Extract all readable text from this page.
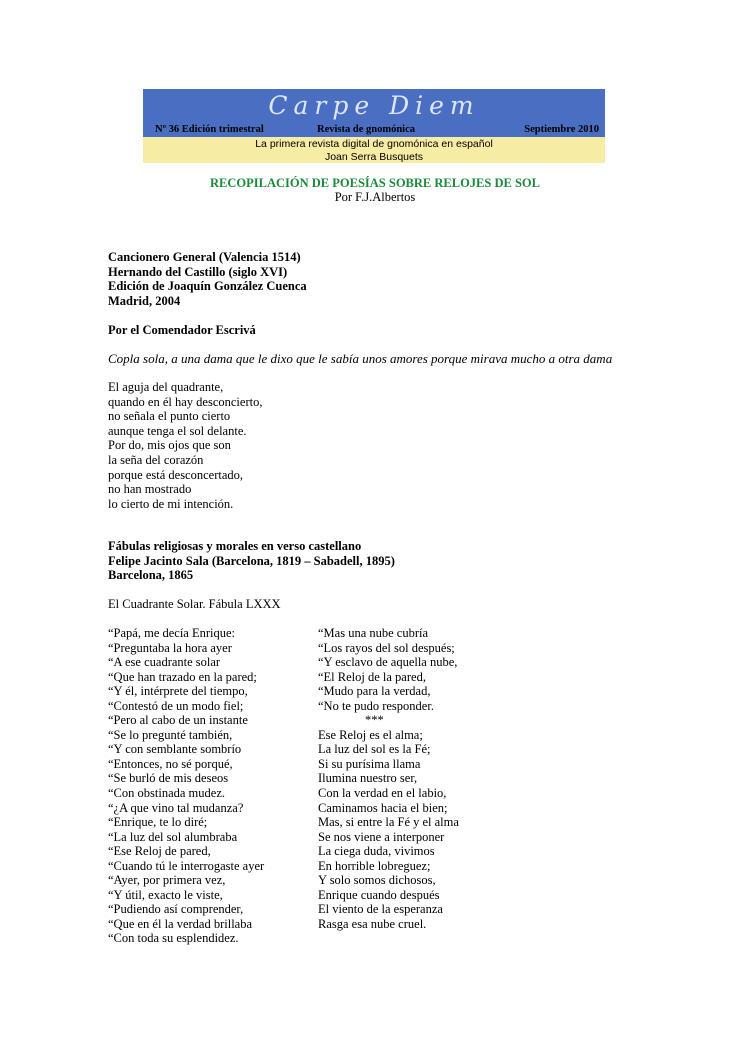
Carpe Diem
Nº 36 Edición trimestral	Revista de gnomónica	Septiembre 2010
La primera revista digital de gnomónica en español
Joan Serra Busquets
RECOPILACIÓN DE POESÍAS SOBRE RELOJES DE SOL
Por F.J.Albertos
Cancionero General (Valencia 1514)
Hernando del Castillo (siglo XVI)
Edición de Joaquín González Cuenca
Madrid, 2004
Por el Comendador Escrivá
Copla sola, a una dama que le dixo que le sabía unos amores porque mirava mucho a otra dama
El aguja del quadrante,
quando en él hay desconcierto,
no señala el punto cierto
aunque tenga el sol delante.
Por do, mis ojos que son
la seña del corazón
porque está desconcertado,
no han mostrado
lo cierto de mi intención.
Fábulas religiosas y morales en verso castellano
Felipe Jacinto Sala (Barcelona, 1819 – Sabadell, 1895)
Barcelona, 1865
El Cuadrante Solar. Fábula LXXX
“Papá, me decía Enrique:
“Preguntaba la hora ayer
“A ese cuadrante solar
“Que han trazado en la pared;
“Y él, intérprete del tiempo,
“Contestó de un modo fiel;
“Pero al cabo de un instante
“Se lo pregunté también,
“Y con semblante sombrío
“Entonces, no sé porqué,
“Se burló de mis deseos
“Con obstinada mudez.
“¿A que vino tal mudanza?
“Enrique, te lo diré;
“La luz del sol alumbraba
“Ese Reloj de pared,
“Cuando tú le interrogaste ayer
“Ayer, por primera vez,
“Y útil, exacto le viste,
“Pudiendo así comprender,
“Que en él la verdad brillaba
“Con toda su esplendidez.
“Mas una nube cubría
“Los rayos del sol después;
“Y esclavo de aquella nube,
“El Reloj de la pared,
“Mudo para la verdad,
“No te pudo responder.
***
Ese Reloj es el alma;
La luz del sol es la Fé;
Si su purísima llama
Ilumina nuestro ser,
Con la verdad en el labio,
Caminamos hacia el bien;
Mas, si entre la Fé y el alma
Se nos viene a interponer
La ciega duda, vivimos
En horrible lobreguez;
Y solo somos dichosos,
Enrique cuando después
El viento de la esperanza
Rasga esa nube cruel.
